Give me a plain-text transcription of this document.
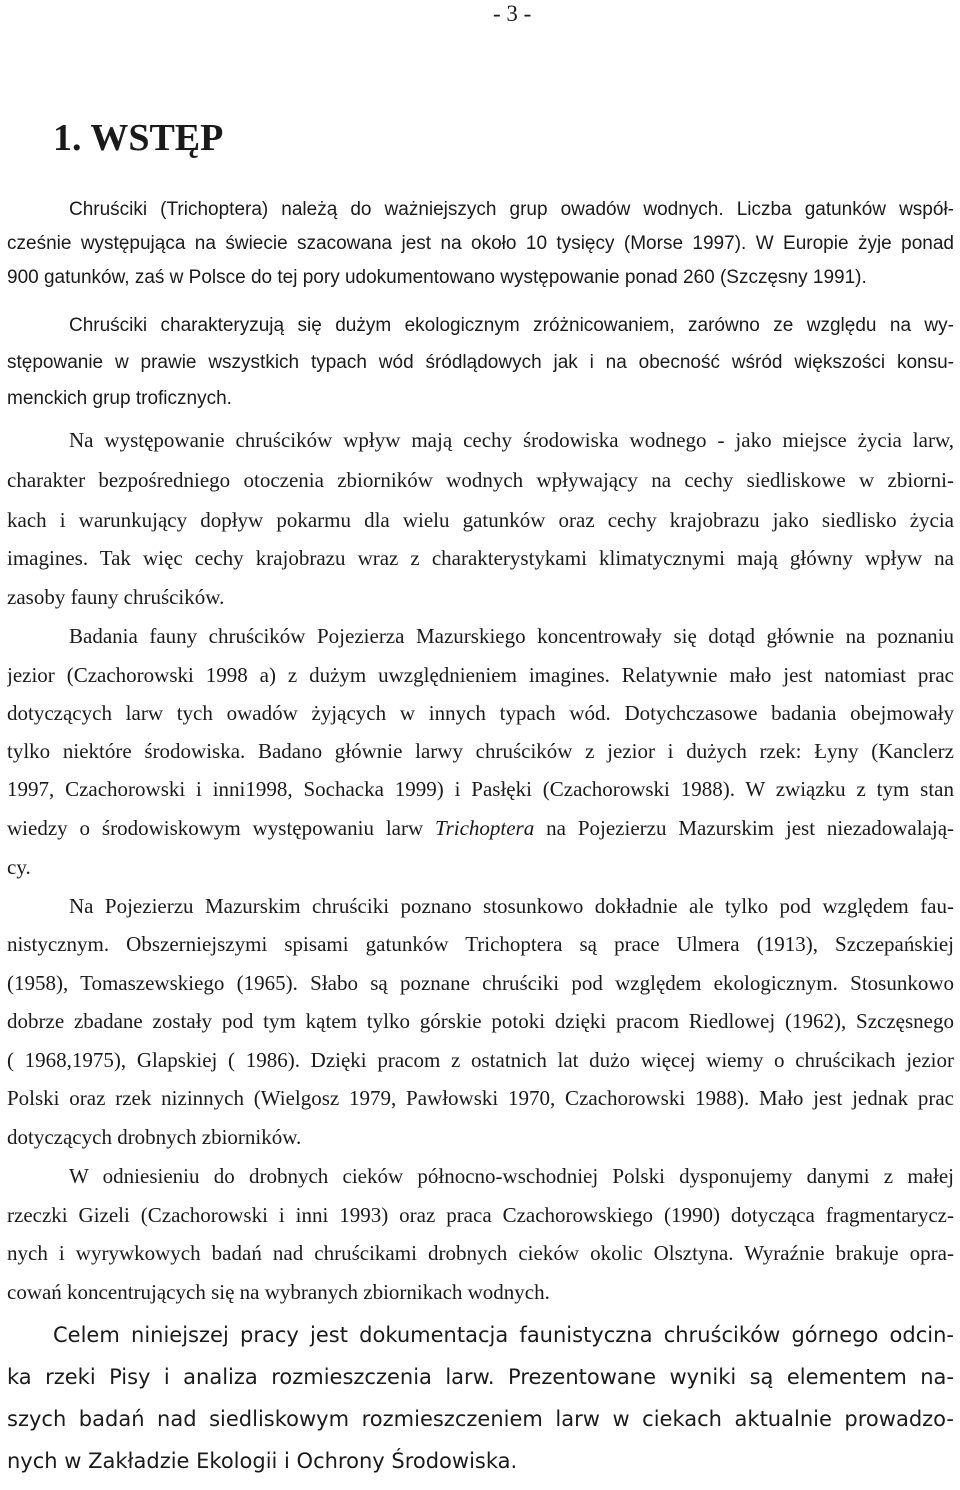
- 3 -
1. WSTĘP
Chruściki (Trichoptera) należą do ważniejszych grup owadów wodnych. Liczba gatunków współ-
cześnie występująca na świecie szacowana jest na około 10 tysięcy (Morse 1997). W Europie żyje ponad
900 gatunków, zaś w Polsce do tej pory udokumentowano występowanie ponad 260 (Szczęsny 1991).
Chruściki charakteryzują się dużym ekologicznym zróżnicowaniem, zarówno ze względu na wy-
stępowanie w prawie wszystkich typach wód śródlądowych jak i na obecność wśród większości konsu-
menckich grup troficznych.
Na występowanie chruścików wpływ mają cechy środowiska wodnego - jako miejsce życia larw,
charakter bezpośredniego otoczenia zbiorników wodnych wpływający na cechy siedliskowe w zbiorni-
kach i warunkujący dopływ pokarmu dla wielu gatunków oraz cechy krajobrazu jako siedlisko życia
imagines. Tak więc cechy krajobrazu wraz z charakterystykami klimatycznymi mają główny wpływ na
zasoby fauny chruścików.
Badania fauny chruścików Pojezierza Mazurskiego koncentrowały się dotąd głównie na poznaniu
jezior (Czachorowski 1998 a) z dużym uwzględnieniem imagines. Relatywnie mało jest natomiast prac
dotyczących larw tych owadów żyjących w innych typach wód. Dotychczasowe badania obejmowały
tylko niektóre środowiska. Badano głównie larwy chruścików z jezior i dużych rzek: Łyny (Kanclerz
1997, Czachorowski i inni1998, Sochacka 1999) i Pasłęki (Czachorowski 1988). W związku z tym stan
wiedzy o środowiskowym występowaniu larw Trichoptera na Pojezierzu Mazurskim jest niezadowalają-
cy.
Na Pojezierzu Mazurskim chruściki poznano stosunkowo dokładnie ale tylko pod względem fau-
nistycznym. Obszerniejszymi spisami gatunków Trichoptera są prace Ulmera (1913), Szczepańskiej
(1958), Tomaszewskiego (1965). Słabo są poznane chruściki pod względem ekologicznym. Stosunkowo
dobrze zbadane zostały pod tym kątem tylko górskie potoki dzięki pracom Riedlowej (1962), Szczęsnego
( 1968,1975), Glapskiej ( 1986). Dzięki pracom z ostatnich lat dużo więcej wiemy o chruścikach jezior
Polski oraz rzek nizinnych (Wielgosz 1979, Pawłowski 1970, Czachorowski 1988). Mało jest jednak prac
dotyczących drobnych zbiorników.
W odniesieniu do drobnych cieków północno-wschodniej Polski dysponujemy danymi z małej
rzeczki Gizeli (Czachorowski i inni 1993) oraz praca Czachorowskiego (1990) dotycząca fragmentarycz-
nych i wyrywkowych badań nad chruścikami drobnych cieków okolic Olsztyna. Wyraźnie brakuje opra-
cowań koncentrujących się na wybranych zbiornikach wodnych.
Celem niniejszej pracy jest dokumentacja faunistyczna chruścików górnego odcin-
ka rzeki Pisy i analiza rozmieszczenia larw. Prezentowane wyniki są elementem na-
szych badań nad siedliskowym rozmieszczeniem larw w ciekach aktualnie prowadzo-
nych w Zakładzie Ekologii i Ochrony Środowiska.
